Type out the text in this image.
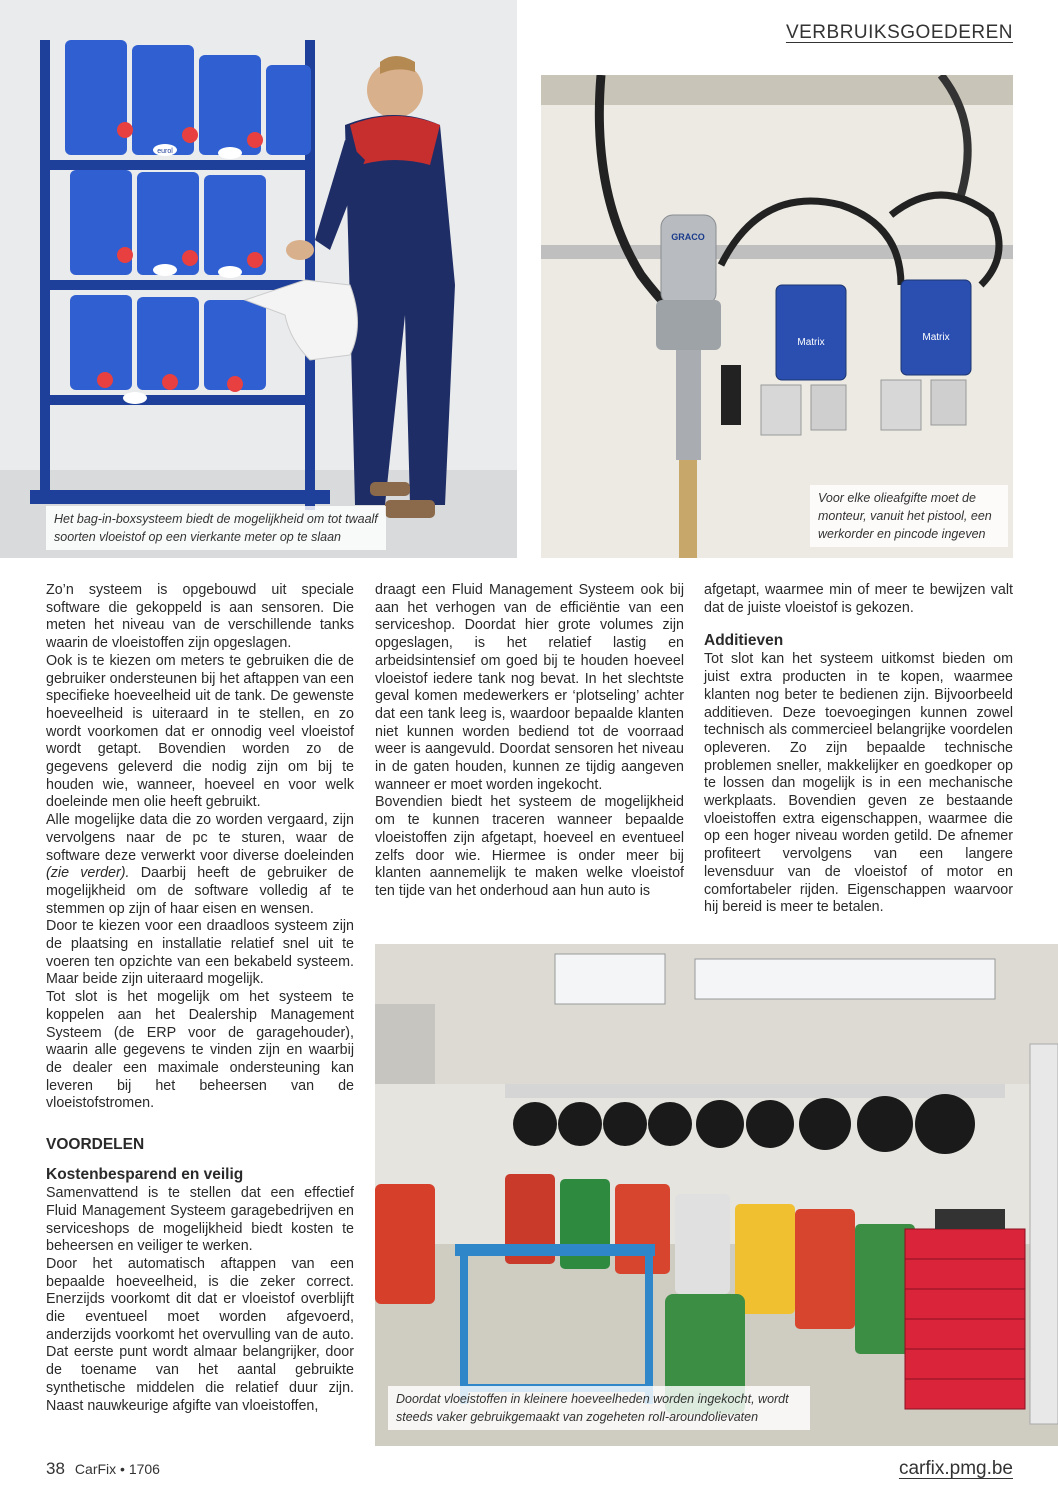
VERBRUIKSGOEDEREN
eurol
Het bag-in-boxsysteem biedt de mogelijkheid om tot twaalf soorten vloeistof op een vierkante meter op te slaan
GRACO
Matrix	Matrix
Voor elke olieafgifte moet de monteur, vanuit het pistool, een werkorder en pincode ingeven

Zo’n systeem is opgebouwd uit speciale software die gekoppeld is aan sensoren. Die meten het niveau van de verschillende tanks waarin de vloeistoffen zijn opgeslagen.

Ook is te kiezen om meters te gebruiken die de gebruiker ondersteunen bij het aftappen van een specifieke hoeveelheid uit de tank. De gewenste hoeveelheid is uiteraard in te stellen, en zo wordt voorkomen dat er onnodig veel vloeistof wordt getapt. Bovendien worden zo de gegevens geleverd die nodig zijn om bij te houden wie, wanneer, hoeveel en voor welk doeleinde men olie heeft gebruikt.

Alle mogelijke data die zo worden vergaard, zijn vervolgens naar de pc te sturen, waar de software deze verwerkt voor diverse doeleinden (zie verder). Daarbij heeft de gebruiker de mogelijkheid om de software volledig af te stemmen op zijn of haar eisen en wensen.

Door te kiezen voor een draadloos systeem zijn de plaatsing en installatie relatief snel uit te voeren ten opzichte van een bekabeld systeem. Maar beide zijn uiteraard mogelijk.

Tot slot is het mogelijk om het systeem te koppelen aan het Dealership Management Systeem (de ERP voor de garagehouder), waarin alle gegevens te vinden zijn en waarbij de dealer een maximale ondersteuning kan leveren bij het beheersen van de vloeistofstromen.

VOORDELEN
Kostenbesparend en veilig

Samenvattend is te stellen dat een effectief Fluid Management Systeem garagebedrijven en serviceshops de mogelijkheid biedt kosten te beheersen en veiliger te werken.

Door het automatisch aftappen van een bepaalde hoeveelheid, is die zeker correct. Enerzijds voorkomt dit dat er vloeistof overblijft die eventueel moet worden afgevoerd, anderzijds voorkomt het overvulling van de auto. Dat eerste punt wordt almaar belangrijker, door de toename van het aantal gebruikte synthetische middelen die relatief duur zijn. Naast nauwkeurige afgifte van vloeistoffen,

draagt een Fluid Management Systeem ook bij aan het verhogen van de efficiëntie van een serviceshop. Doordat hier grote volumes zijn opgeslagen, is het relatief lastig en arbeidsintensief om goed bij te houden hoeveel vloeistof iedere tank nog bevat. In het slechtste geval komen medewerkers er ‘plotseling’ achter dat een tank leeg is, waardoor bepaalde klanten niet kunnen worden bediend tot de voorraad weer is aangevuld. Doordat sensoren het niveau in de gaten houden, kunnen ze tijdig aangeven wanneer er moet worden ingekocht.

Bovendien biedt het systeem de mogelijkheid om te kunnen traceren wanneer bepaalde vloeistoffen zijn afgetapt, hoeveel en eventueel zelfs door wie. Hiermee is onder meer bij klanten aannemelijk te maken welke vloeistof ten tijde van het onderhoud aan hun auto is

afgetapt, waarmee min of meer te bewijzen valt dat de juiste vloeistof is gekozen.

Additieven

Tot slot kan het systeem uitkomst bieden om juist extra producten in te kopen, waarmee klanten nog beter te bedienen zijn. Bijvoorbeeld additieven. Deze toevoegingen kunnen zowel technisch als commercieel belangrijke voordelen opleveren. Zo zijn bepaalde technische problemen sneller, makkelijker en goedkoper op te lossen dan mogelijk is in een mechanische werkplaats. Bovendien geven ze bestaande vloeistoffen extra eigenschappen, waarmee die op een hoger niveau worden getild. De afnemer profiteert vervolgens van een langere levensduur van de vloeistof of motor en comfortabeler rijden. Eigenschappen waarvoor hij bereid is meer te betalen.

Doordat vloeistoffen in kleinere hoeveelheden worden ingekocht, wordt steeds vaker gebruikgemaakt van zogeheten roll-aroundolievaten
38 CarFix • 1706	carfix.pmg.be
